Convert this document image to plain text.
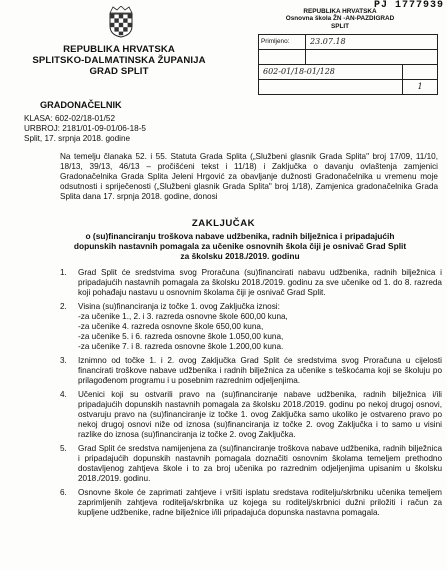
REPUBLIKA HRVATSKA
SPLITSKO-DALMATINSKA ŽUPANIJA
GRAD SPLIT
GRADONAČELNIK
KLASA: 602-02/18-01/52
URBROJ: 2181/01-09-01/06-18-5
Split, 17. srpnja 2018. godine
PJ 1777939
REPUBLIKA HRVATSKA
Osnovna škola ŽN -AN-PAZDIGRAD
SPLIT
Primljeno:	23.07.18
602-01/18-01/128
1
Na temelju članaka 52. i 55. Statuta Grada Splita („Službeni glasnik Grada Splita" broj 17/09, 11/10, 18/13, 39/13, 46/13 – pročišćeni tekst i 11/18) i Zaključka o davanju ovlaštenja zamjenici Gradonačelnika Grada Splita Jeleni Hrgović za obavljanje dužnosti Gradonačelnika u vremenu moje odsutnosti i spriječenosti („Službeni glasnik Grada Splita" broj 1/18), Zamjenica gradonačelnika Grada Splita dana 17. srpnja 2018. godine, donosi
ZAKLJUČAK
o (su)financiranju troškova nabave udžbenika, radnih bilježnica i pripadajućih dopunskih nastavnih pomagala za učenike osnovnih škola čiji je osnivač Grad Split za školsku 2018./2019. godinu
1.	Grad Split će sredstvima svog Proračuna (su)financirati nabavu udžbenika, radnih bilježnica i pripadajućih nastavnih pomagala za školsku 2018./2019. godinu za sve učenike od 1. do 8. razreda koji pohađaju nastavu u osnovnim školama čiji je osnivač Grad Split.
2.	Visina (su)financiranja iz točke 1. ovog Zaključka iznosi:
-za učenike 1., 2. i 3. razreda osnovne škole 600,00 kuna,
-za učenike 4. razreda osnovne škole 650,00 kuna,
-za učenike 5. i 6. razreda osnovne škole 1.050,00 kuna,
-za učenike 7. i 8. razreda osnovne škole 1.200,00 kuna.
3.	Iznimno od točke 1. i 2. ovog Zaključka Grad Split će sredstvima svog Proračuna u cijelosti financirati troškove nabave udžbenika i radnih bilježnica za učenike s teškoćama koji se školuju po prilagođenom programu i u posebnim razrednim odjeljenjima.
4.	Učenici koji su ostvarili pravo na (su)financiranje nabave udžbenika, radnih bilježnica i/ili pripadajućih dopunskih nastavnih pomagala za školsku 2018./2019. godinu po nekoj drugoj osnovi, ostvaruju pravo na (su)financiranje iz točke 1. ovog Zaključka samo ukoliko je ostvareno pravo po nekoj drugoj osnovi niže od iznosa (su)financiranja iz točke 2. ovog Zaključka i to samo u visini razlike do iznosa (su)financiranja iz točke 2. ovog Zaključka.
5.	Grad Split će sredstva namijenjena za (su)financiranje troškova nabave udžbenika, radnih bilježnica i pripadajućih dopunskih nastavnih pomagala doznačiti osnovnim školama temeljem prethodno dostavljenog zahtjeva škole i to za broj učenika po razrednim odjeljenjima upisanim u školsku 2018./2019. godinu.
6.	Osnovne škole će zaprimati zahtjeve i vršiti isplatu sredstava roditelju/skrbniku učenika temeljem zaprimljenih zahtjeva roditelja/skrbnika uz kojega su roditelj/skrbnici dužni priložiti i račun za kupljene udžbenike, radne bilježnice i/ili pripadajuća dopunska nastavna pomagala.
